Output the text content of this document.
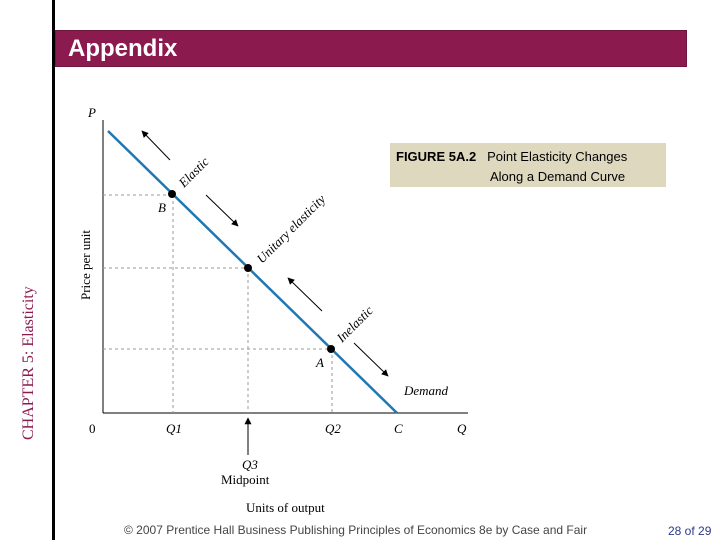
CHAPTER 5: Elasticity
Appendix
P
Price per unit
0	Q
Q1	Q2	C
Q3
Midpoint
Units of output
B
A
Elastic
Unitary elasticity
Inelastic
Demand
FIGURE 5A.2 Point Elasticity Changes
Along a Demand Curve
© 2007 Prentice Hall Business Publishing Principles of Economics 8e by Case and Fair	28 of 29
